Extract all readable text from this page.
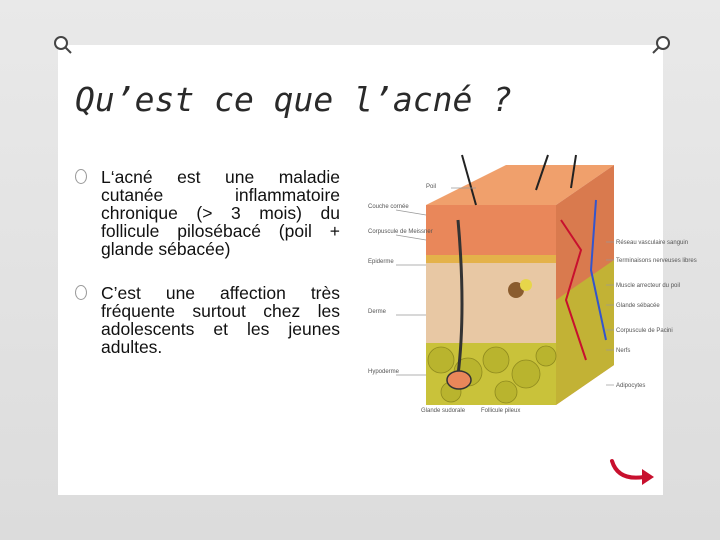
Qu’est ce que l’acné ?
L‘acné est une maladie cutanée inflammatoire chronique (> 3 mois) du follicule pilosébacé (poil + glande sébacée)
C’est une affection très fréquente surtout chez les adolescents et les jeunes adultes.
Poil
Couche cornée
Corpuscule de Meissner
Epiderme
Derme
Hypoderme
Réseau vasculaire sanguin
Terminaisons nerveuses libres
Muscle arrecteur du poil
Glande sébacée
Corpuscule de Pacini
Nerfs
Adipocytes
Glande sudorale	Follicule pileux
